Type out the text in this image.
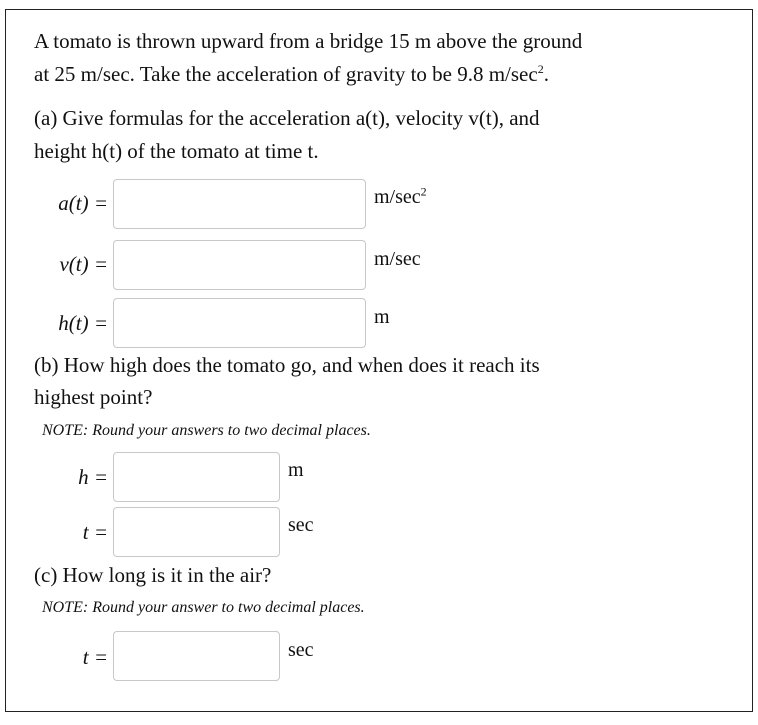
A tomato is thrown upward from a bridge 15 m above the ground
at 25 m/sec. Take the acceleration of gravity to be 9.8 $m/\sec^2$.
(a) Give formulas for the acceleration a(t), velocity v(t), and
height h(t) of the tomato at time t.
a(t) =	$m/\sec^2$
v(t) =	m/sec
h(t) =	m
(b) How high does the tomato go, and when does it reach its
highest point?
NOTE: Round your answers to two decimal places.
h =	m
t =	sec
(c) How long is it in the air?
NOTE: Round your answer to two decimal places.
t =	sec
